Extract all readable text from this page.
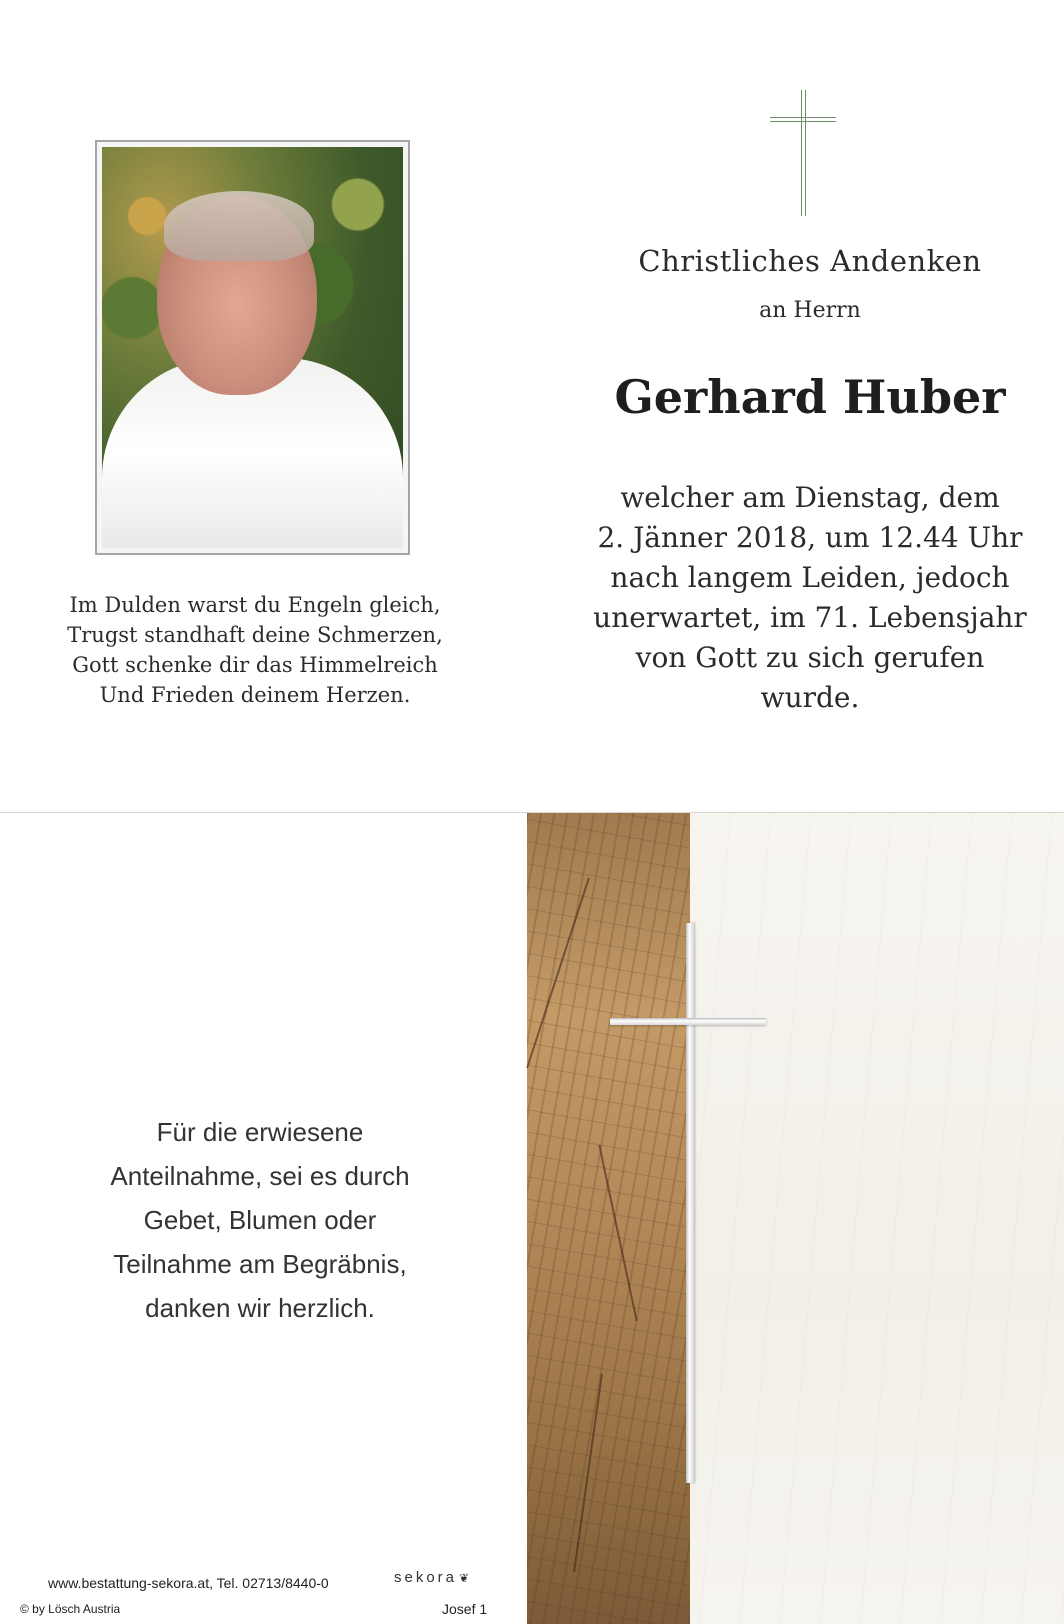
Im Dulden warst du Engeln gleich,
Trugst standhaft deine Schmerzen,
Gott schenke dir das Himmelreich
Und Frieden deinem Herzen.
Christliches Andenken
an Herrn
Gerhard Huber
welcher am Dienstag, dem
2. Jänner 2018, um 12.44 Uhr
nach langem Leiden, jedoch
unerwartet, im 71. Lebensjahr
von Gott zu sich gerufen
wurde.
Für die erwiesene
Anteilnahme, sei es durch
Gebet, Blumen oder
Teilnahme am Begräbnis,
danken wir herzlich.
www.bestattung-sekora.at, Tel. 02713/8440-0	sekora ❦
© by Lösch Austria	Josef 1
